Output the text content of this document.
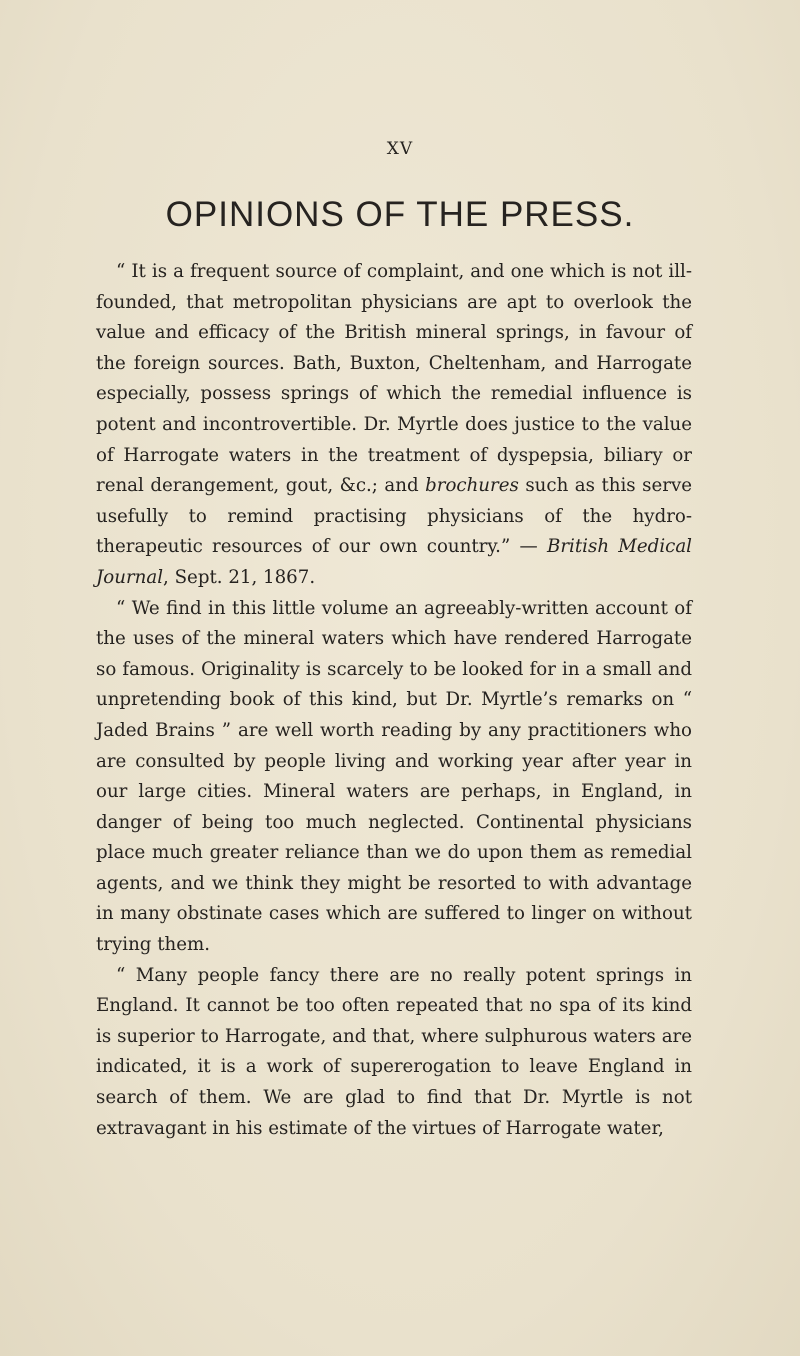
XV
OPINIONS OF THE PRESS.

“ It is a frequent source of complaint, and one which is not ill-founded, that metropolitan physicians are apt to overlook the value and efficacy of the British mineral springs, in favour of the foreign sources. Bath, Buxton, Cheltenham, and Harrogate especially, possess springs of which the remedial influence is potent and incontrovertible. Dr. Myrtle does justice to the value of Harrogate waters in the treatment of dyspepsia, biliary or renal derangement, gout, &c.; and brochures such as this serve usefully to remind practising physicians of the hydro-therapeutic resources of our own country.” — British Medical Journal, Sept. 21, 1867.

“ We find in this little volume an agreeably-written account of the uses of the mineral waters which have rendered Harrogate so famous. Originality is scarcely to be looked for in a small and unpretending book of this kind, but Dr. Myrtle’s remarks on “ Jaded Brains ” are well worth reading by any practitioners who are consulted by people living and working year after year in our large cities. Mineral waters are perhaps, in England, in danger of being too much neglected. Continental physicians place much greater reliance than we do upon them as remedial agents, and we think they might be resorted to with advantage in many obstinate cases which are suffered to linger on without trying them.

“ Many people fancy there are no really potent springs in England. It cannot be too often repeated that no spa of its kind is superior to Harrogate, and that, where sulphurous waters are indicated, it is a work of supererogation to leave England in search of them. We are glad to find that Dr. Myrtle is not extravagant in his estimate of the virtues of Harrogate water,
